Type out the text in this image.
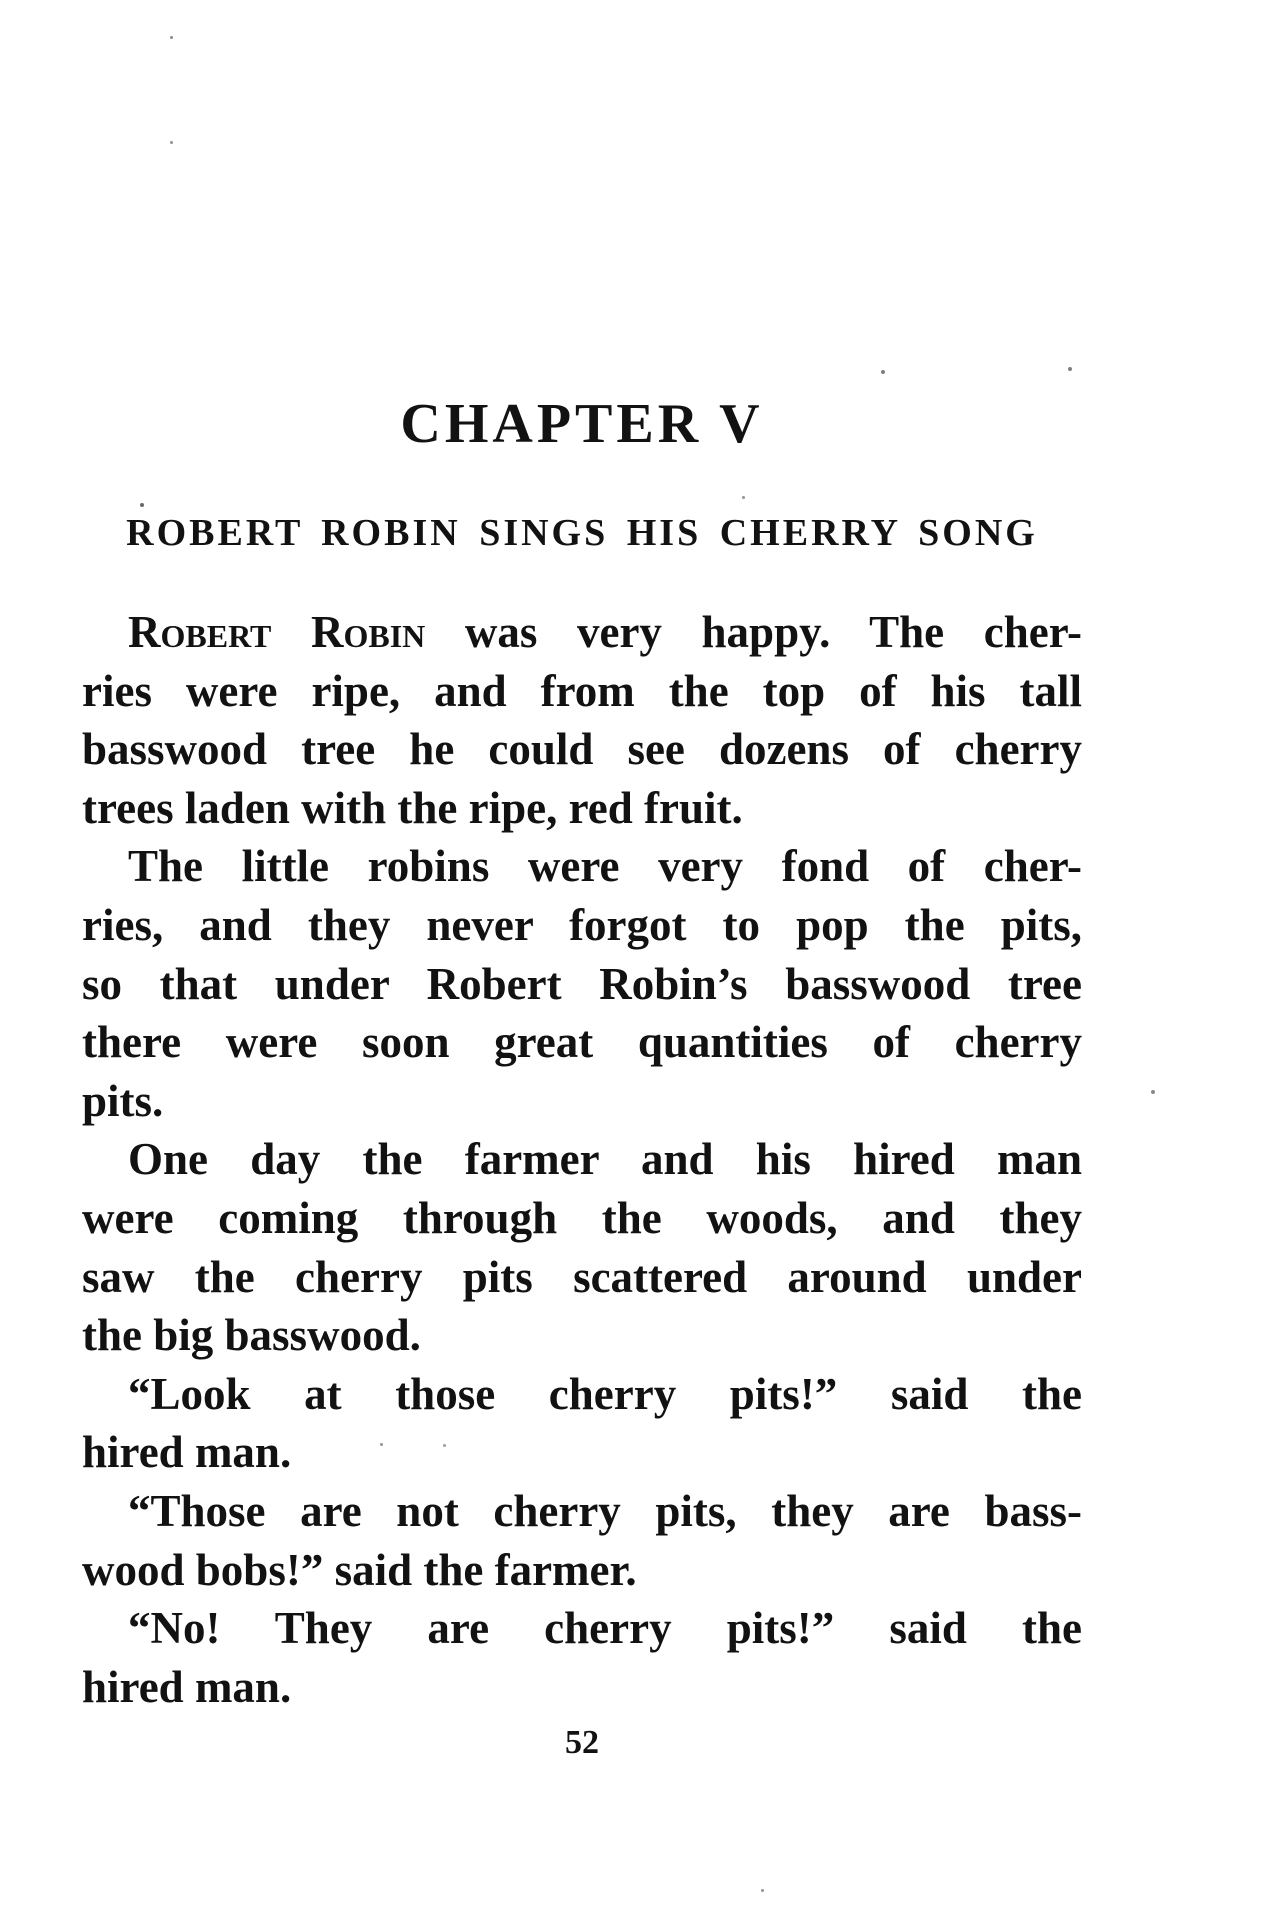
CHAPTER V
ROBERT ROBIN SINGS HIS CHERRY SONG

Robert Robin was very happy. The cher-
ries were ripe, and from the top of his tall
basswood tree he could see dozens of cherry
trees laden with the ripe, red fruit.

The little robins were very fond of cher-
ries, and they never forgot to pop the pits,
so that under Robert Robin’s basswood tree
there were soon great quantities of cherry
pits.

One day the farmer and his hired man
were coming through the woods, and they
saw the cherry pits scattered around under
the big basswood.

“Look at those cherry pits!” said the
hired man.

“Those are not cherry pits, they are bass-
wood bobs!” said the farmer.

“No! They are cherry pits!” said the
hired man.

52
